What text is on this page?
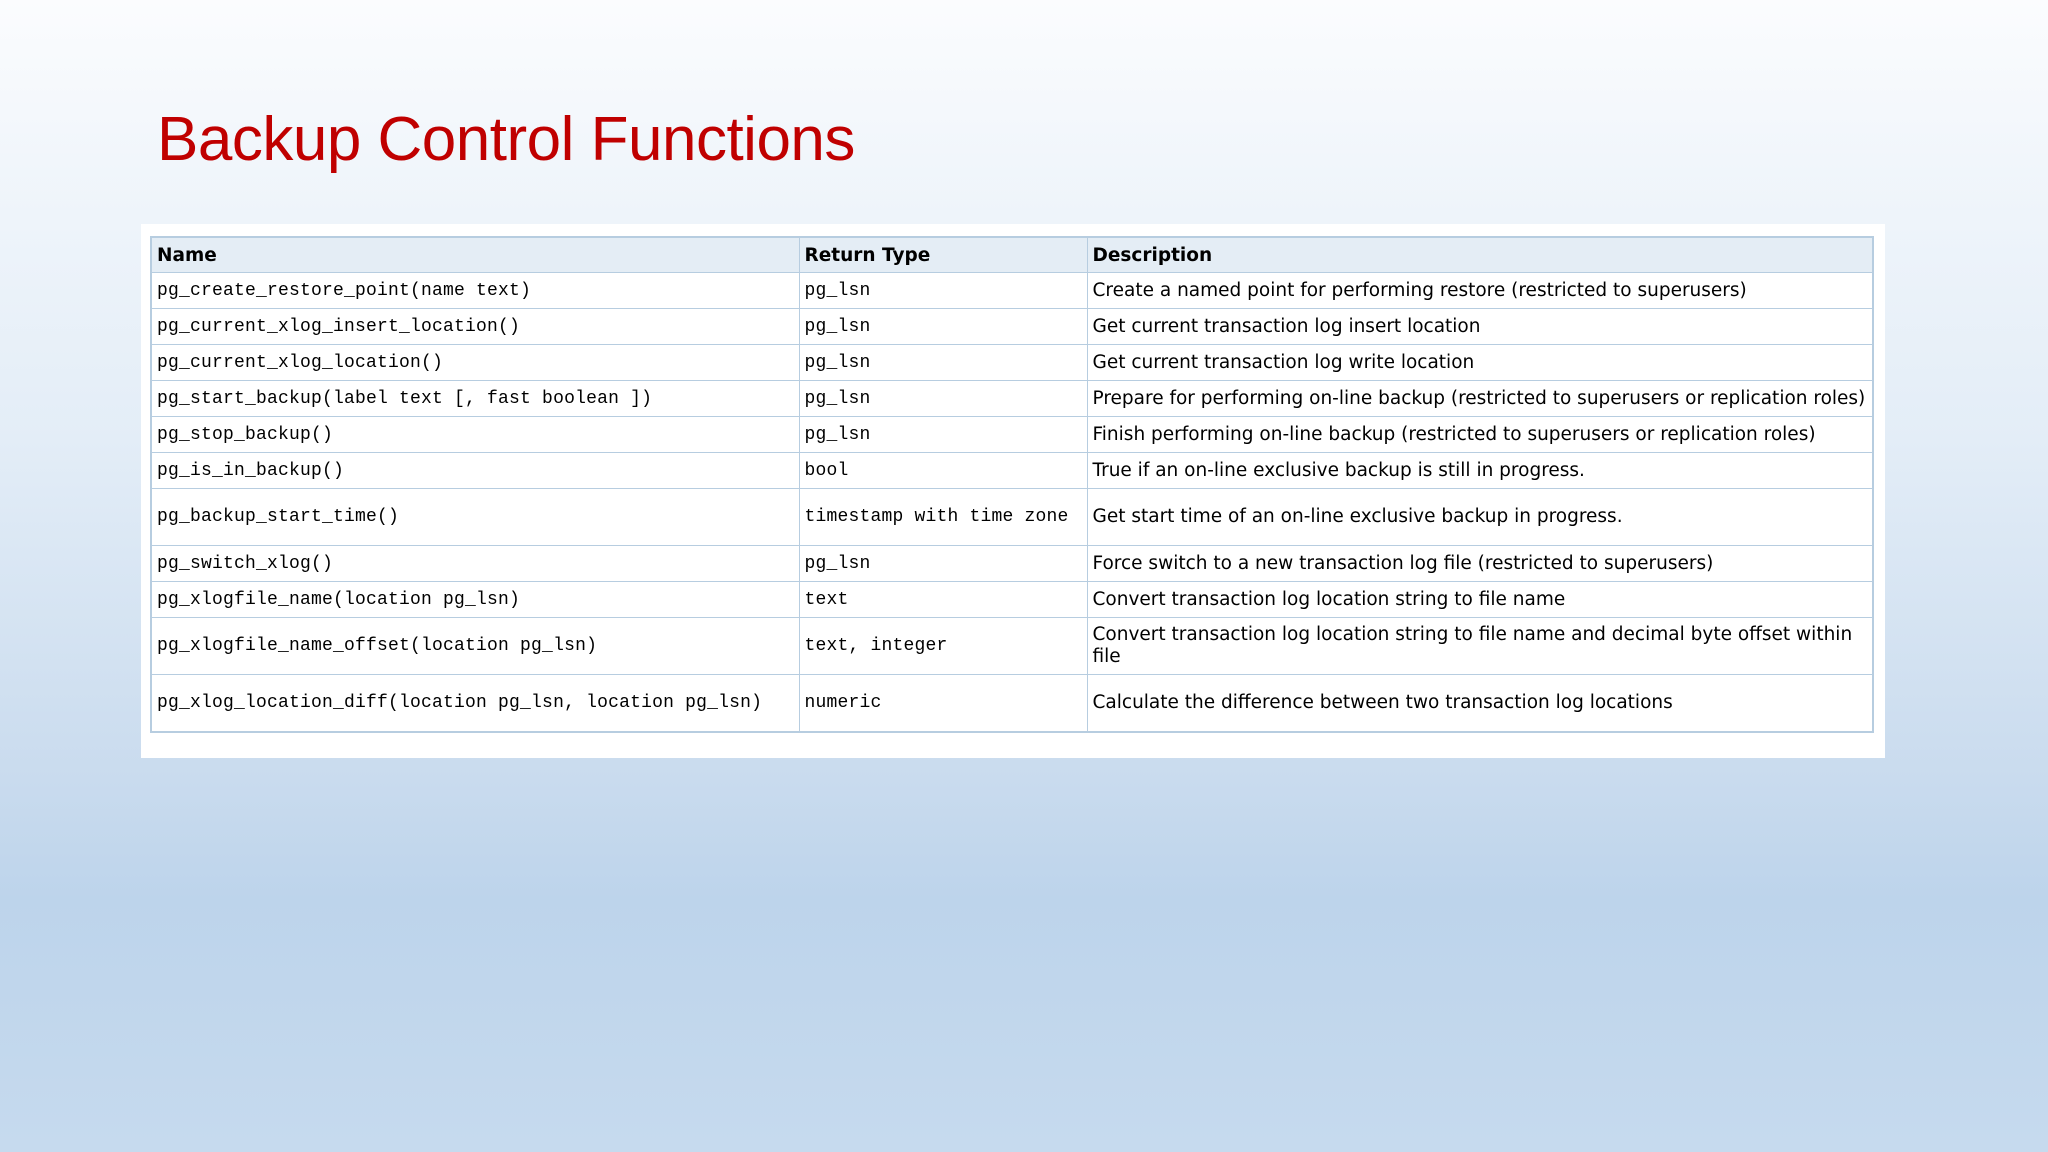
Backup Control Functions
Name	Return Type	Description
pg_create_restore_point(name text)	pg_lsn	Create a named point for performing restore (restricted to superusers)
pg_current_xlog_insert_location()	pg_lsn	Get current transaction log insert location
pg_current_xlog_location()	pg_lsn	Get current transaction log write location
pg_start_backup(label text [, fast boolean ])	pg_lsn	Prepare for performing on-line backup (restricted to superusers or replication roles)
pg_stop_backup()	pg_lsn	Finish performing on-line backup (restricted to superusers or replication roles)
pg_is_in_backup()	bool	True if an on-line exclusive backup is still in progress.
pg_backup_start_time()	timestamp with time zone	Get start time of an on-line exclusive backup in progress.
pg_switch_xlog()	pg_lsn	Force switch to a new transaction log file (restricted to superusers)
pg_xlogfile_name(location pg_lsn)	text	Convert transaction log location string to file name
pg_xlogfile_name_offset(location pg_lsn)	text, integer	Convert transaction log location string to file name and decimal byte offset within file
pg_xlog_location_diff(location pg_lsn, location pg_lsn)	numeric	Calculate the difference between two transaction log locations
